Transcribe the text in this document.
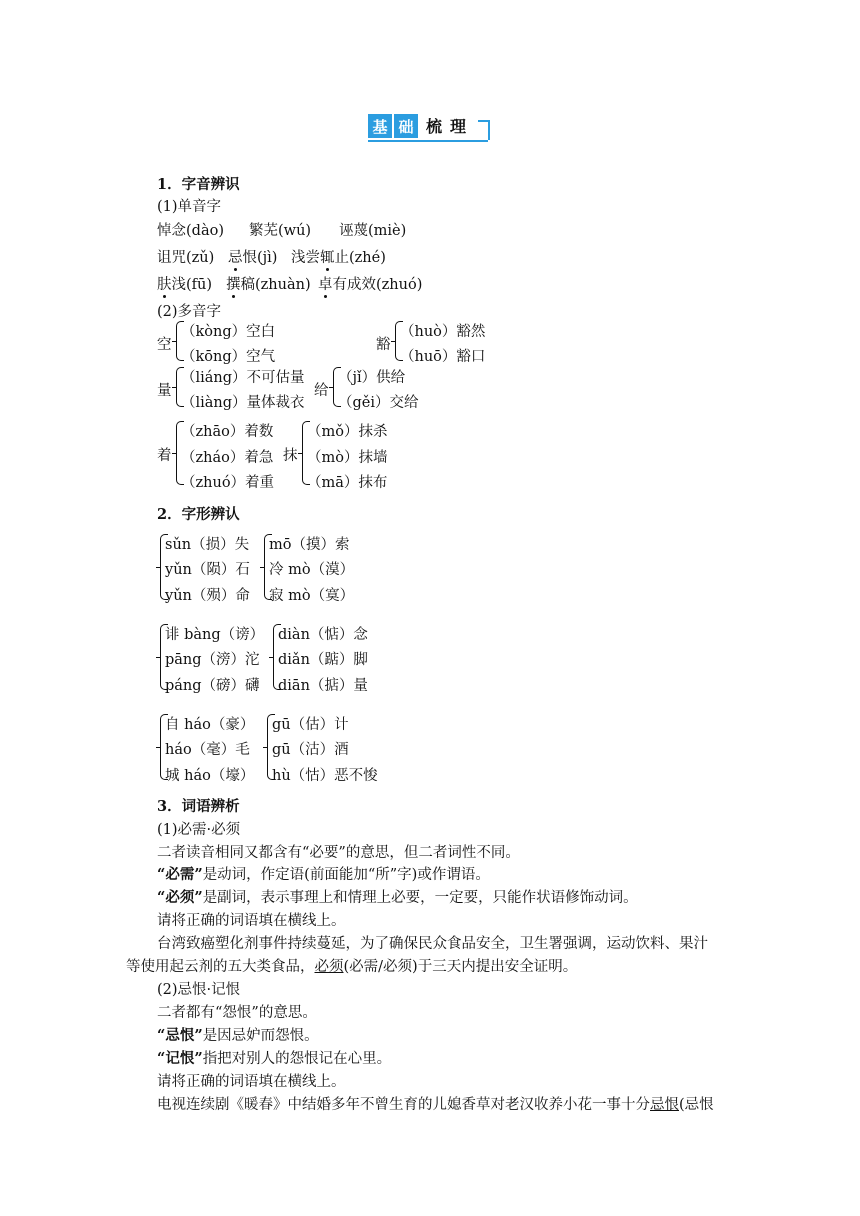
基 础 梳 理
1．字音辨识
(1)单音字
悼念(dào) 繁芜(wú) 诬蔑(miè)
诅咒(zǔ) 忌恨(jì) 浅尝辄止(zhé)
肤浅(fū) 撰稿(zhuàn) 卓有成效(zhuó)
(2)多音字
空
（kòng）空白
（kōng）空气
豁
（huò）豁然
（huō）豁口
量
（liáng）不可估量
（liàng）量体裁衣
给
（jǐ）供给
（gěi）交给
着
（zhāo）着数
（zháo）着急
（zhuó）着重
抹
（mǒ）抹杀
（mò）抹墙
（mā）抹布
2．字形辨认
sǔn（损）失
yǔn（陨）石
yǔn（殒）命
mō（摸）索
冷 mò（漠）
寂 mò（寞）
诽 bàng（谤）
pāng（滂）沱
páng（磅）礴
diàn（惦）念
diǎn（踮）脚
diān（掂）量
自 háo（豪）
háo（毫）毛
城 háo（壕）
gū（估）计
gū（沽）酒
hù（怙）恶不悛
3．词语辨析
(1)必需·必须
二者读音相同又都含有“必要”的意思，但二者词性不同。
“必需”是动词，作定语(前面能加“所”字)或作谓语。
“必须”是副词，表示事理上和情理上必要，一定要，只能作状语修饰动词。
请将正确的词语填在横线上。
台湾致癌塑化剂事件持续蔓延，为了确保民众食品安全，卫生署强调，运动饮料、果汁
等使用起云剂的五大类食品，必须(必需/必须)于三天内提出安全证明。
(2)忌恨·记恨
二者都有“怨恨”的意思。
“忌恨”是因忌妒而怨恨。
“记恨”指把对别人的怨恨记在心里。
请将正确的词语填在横线上。
电视连续剧《暖春》中结婚多年不曾生育的儿媳香草对老汉收养小花一事十分忌恨(忌恨
